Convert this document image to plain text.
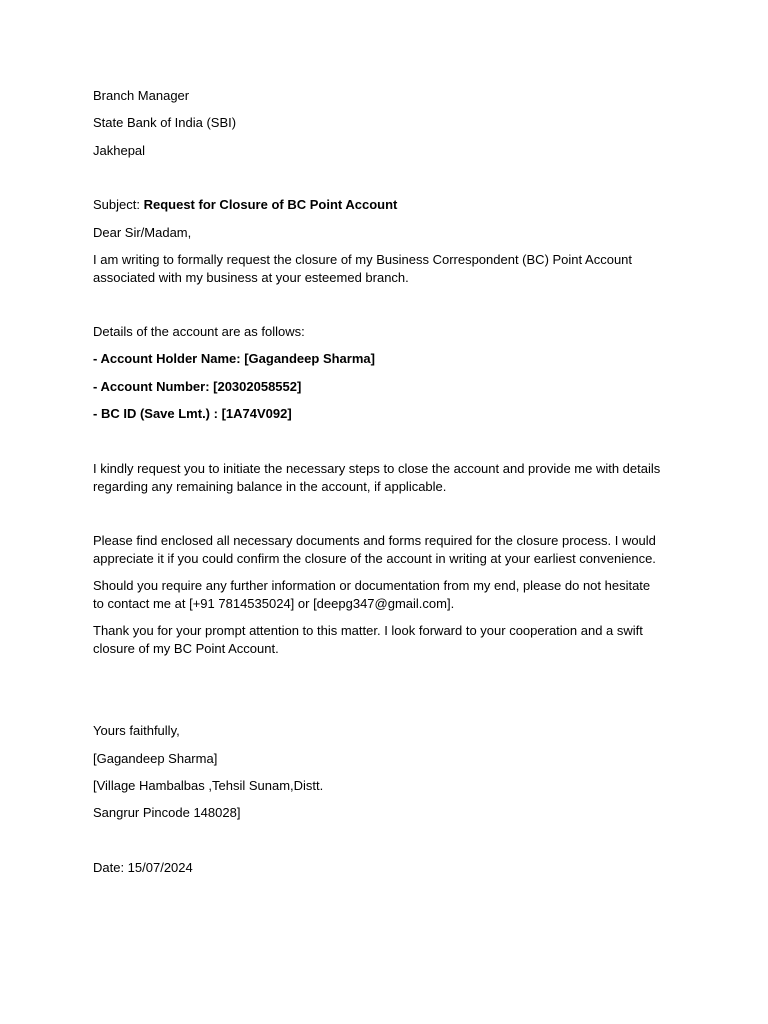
Branch Manager
State Bank of India (SBI)
Jakhepal
Subject: Request for Closure of BC Point Account
Dear Sir/Madam,
I am writing to formally request the closure of my Business Correspondent (BC) Point Account
associated with my business at your esteemed branch.
Details of the account are as follows:
- Account Holder Name: [Gagandeep Sharma]
- Account Number: [20302058552]
- BC ID (Save Lmt.) : [1A74V092]
I kindly request you to initiate the necessary steps to close the account and provide me with details
regarding any remaining balance in the account, if applicable.
Please find enclosed all necessary documents and forms required for the closure process. I would
appreciate it if you could confirm the closure of the account in writing at your earliest convenience.
Should you require any further information or documentation from my end, please do not hesitate
to contact me at [+91 7814535024] or [deepg347@gmail.com].
Thank you for your prompt attention to this matter. I look forward to your cooperation and a swift
closure of my BC Point Account.
Yours faithfully,
[Gagandeep Sharma]
[Village Hambalbas ,Tehsil Sunam,Distt.
Sangrur Pincode 148028]
Date: 15/07/2024
